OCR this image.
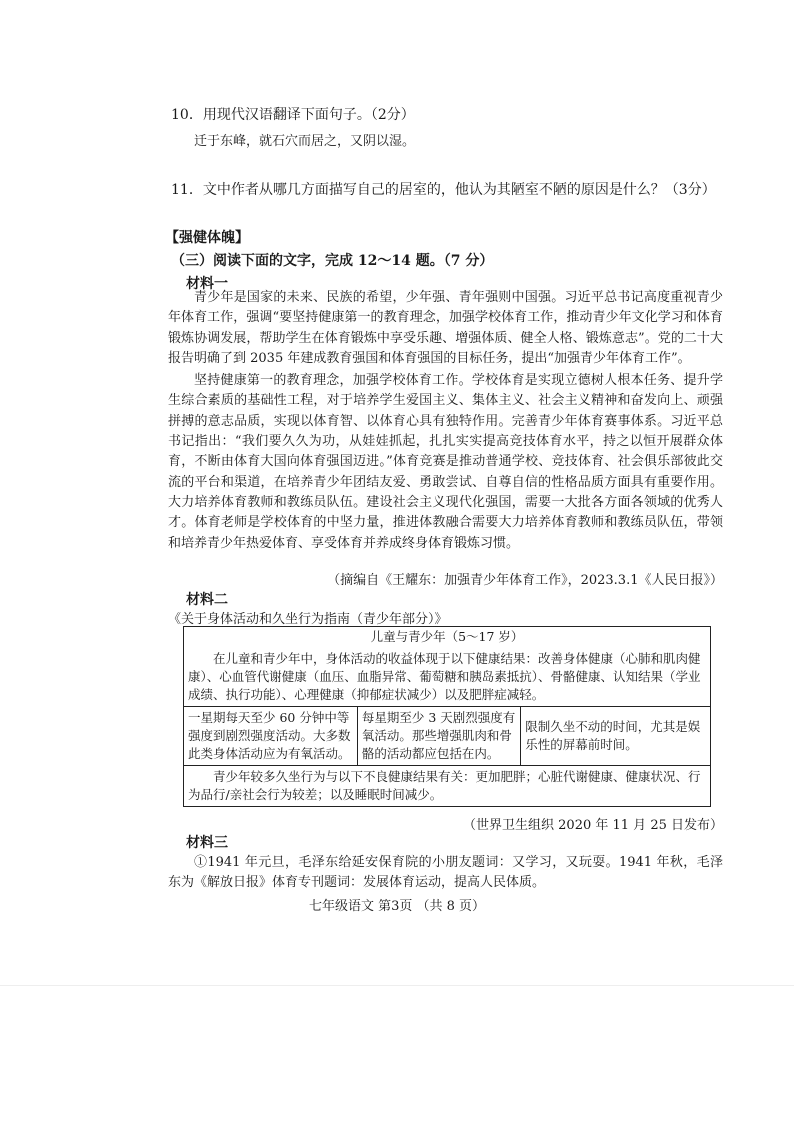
10．用现代汉语翻译下面句子。（2分）
迁于东峰，就石穴而居之，又阴以湿。
11．文中作者从哪几方面描写自己的居室的，他认为其陋室不陋的原因是什么？（3分）
【强健体魄】
（三）阅读下面的文字，完成 12～14 题。（7 分）
材料一

青少年是国家的未来、民族的希望，少年强、青年强则中国强。习近平总书记高度重视青少年体育工作，强调“要坚持健康第一的教育理念，加强学校体育工作，推动青少年文化学习和体育锻炼协调发展，帮助学生在体育锻炼中享受乐趣、增强体质、健全人格、锻炼意志”。党的二十大报告明确了到 2035 年建成教育强国和体育强国的目标任务，提出“加强青少年体育工作”。

坚持健康第一的教育理念，加强学校体育工作。学校体育是实现立德树人根本任务、提升学生综合素质的基础性工程，对于培养学生爱国主义、集体主义、社会主义精神和奋发向上、顽强拼搏的意志品质，实现以体育智、以体育心具有独特作用。完善青少年体育赛事体系。习近平总书记指出：“我们要久久为功，从娃娃抓起，扎扎实实提高竞技体育水平，持之以恒开展群众体育，不断由体育大国向体育强国迈进。”体育竞赛是推动普通学校、竞技体育、社会俱乐部彼此交流的平台和渠道，在培养青少年团结友爱、勇敢尝试、自尊自信的性格品质方面具有重要作用。大力培养体育教师和教练员队伍。建设社会主义现代化强国，需要一大批各方面各领域的优秀人才。体育老师是学校体育的中坚力量，推进体教融合需要大力培养体育教师和教练员队伍，带领和培养青少年热爱体育、享受体育并养成终身体育锻炼习惯。

（摘编自《王耀东：加强青少年体育工作》，2023.3.1《人民日报》）
材料二
《关于身体活动和久坐行为指南（青少年部分）》
儿童与青少年（5～17 岁）
在儿童和青少年中，身体活动的收益体现于以下健康结果：改善身体健康（心肺和肌肉健康）、心血管代谢健康（血压、血脂异常、葡萄糖和胰岛素抵抗）、骨骼健康、认知结果（学业成绩、执行功能）、心理健康（抑郁症状减少）以及肥胖症减轻。
一星期每天至少 60 分钟中等强度到剧烈强度活动。大多数此类身体活动应为有氧活动。	每星期至少 3 天剧烈强度有氧活动。那些增强肌肉和骨骼的活动都应包括在内。	限制久坐不动的时间，尤其是娱乐性的屏幕前时间。
青少年较多久坐行为与以下不良健康结果有关：更加肥胖；心脏代谢健康、健康状况、行为品行/亲社会行为较差；以及睡眠时间减少。
（世界卫生组织 2020 年 11 月 25 日发布）
材料三

①1941 年元旦，毛泽东给延安保育院的小朋友题词：又学习，又玩耍。1941 年秋，毛泽东为《解放日报》体育专刊题词：发展体育运动，提高人民体质。

七年级语文 第3页 （共 8 页）
